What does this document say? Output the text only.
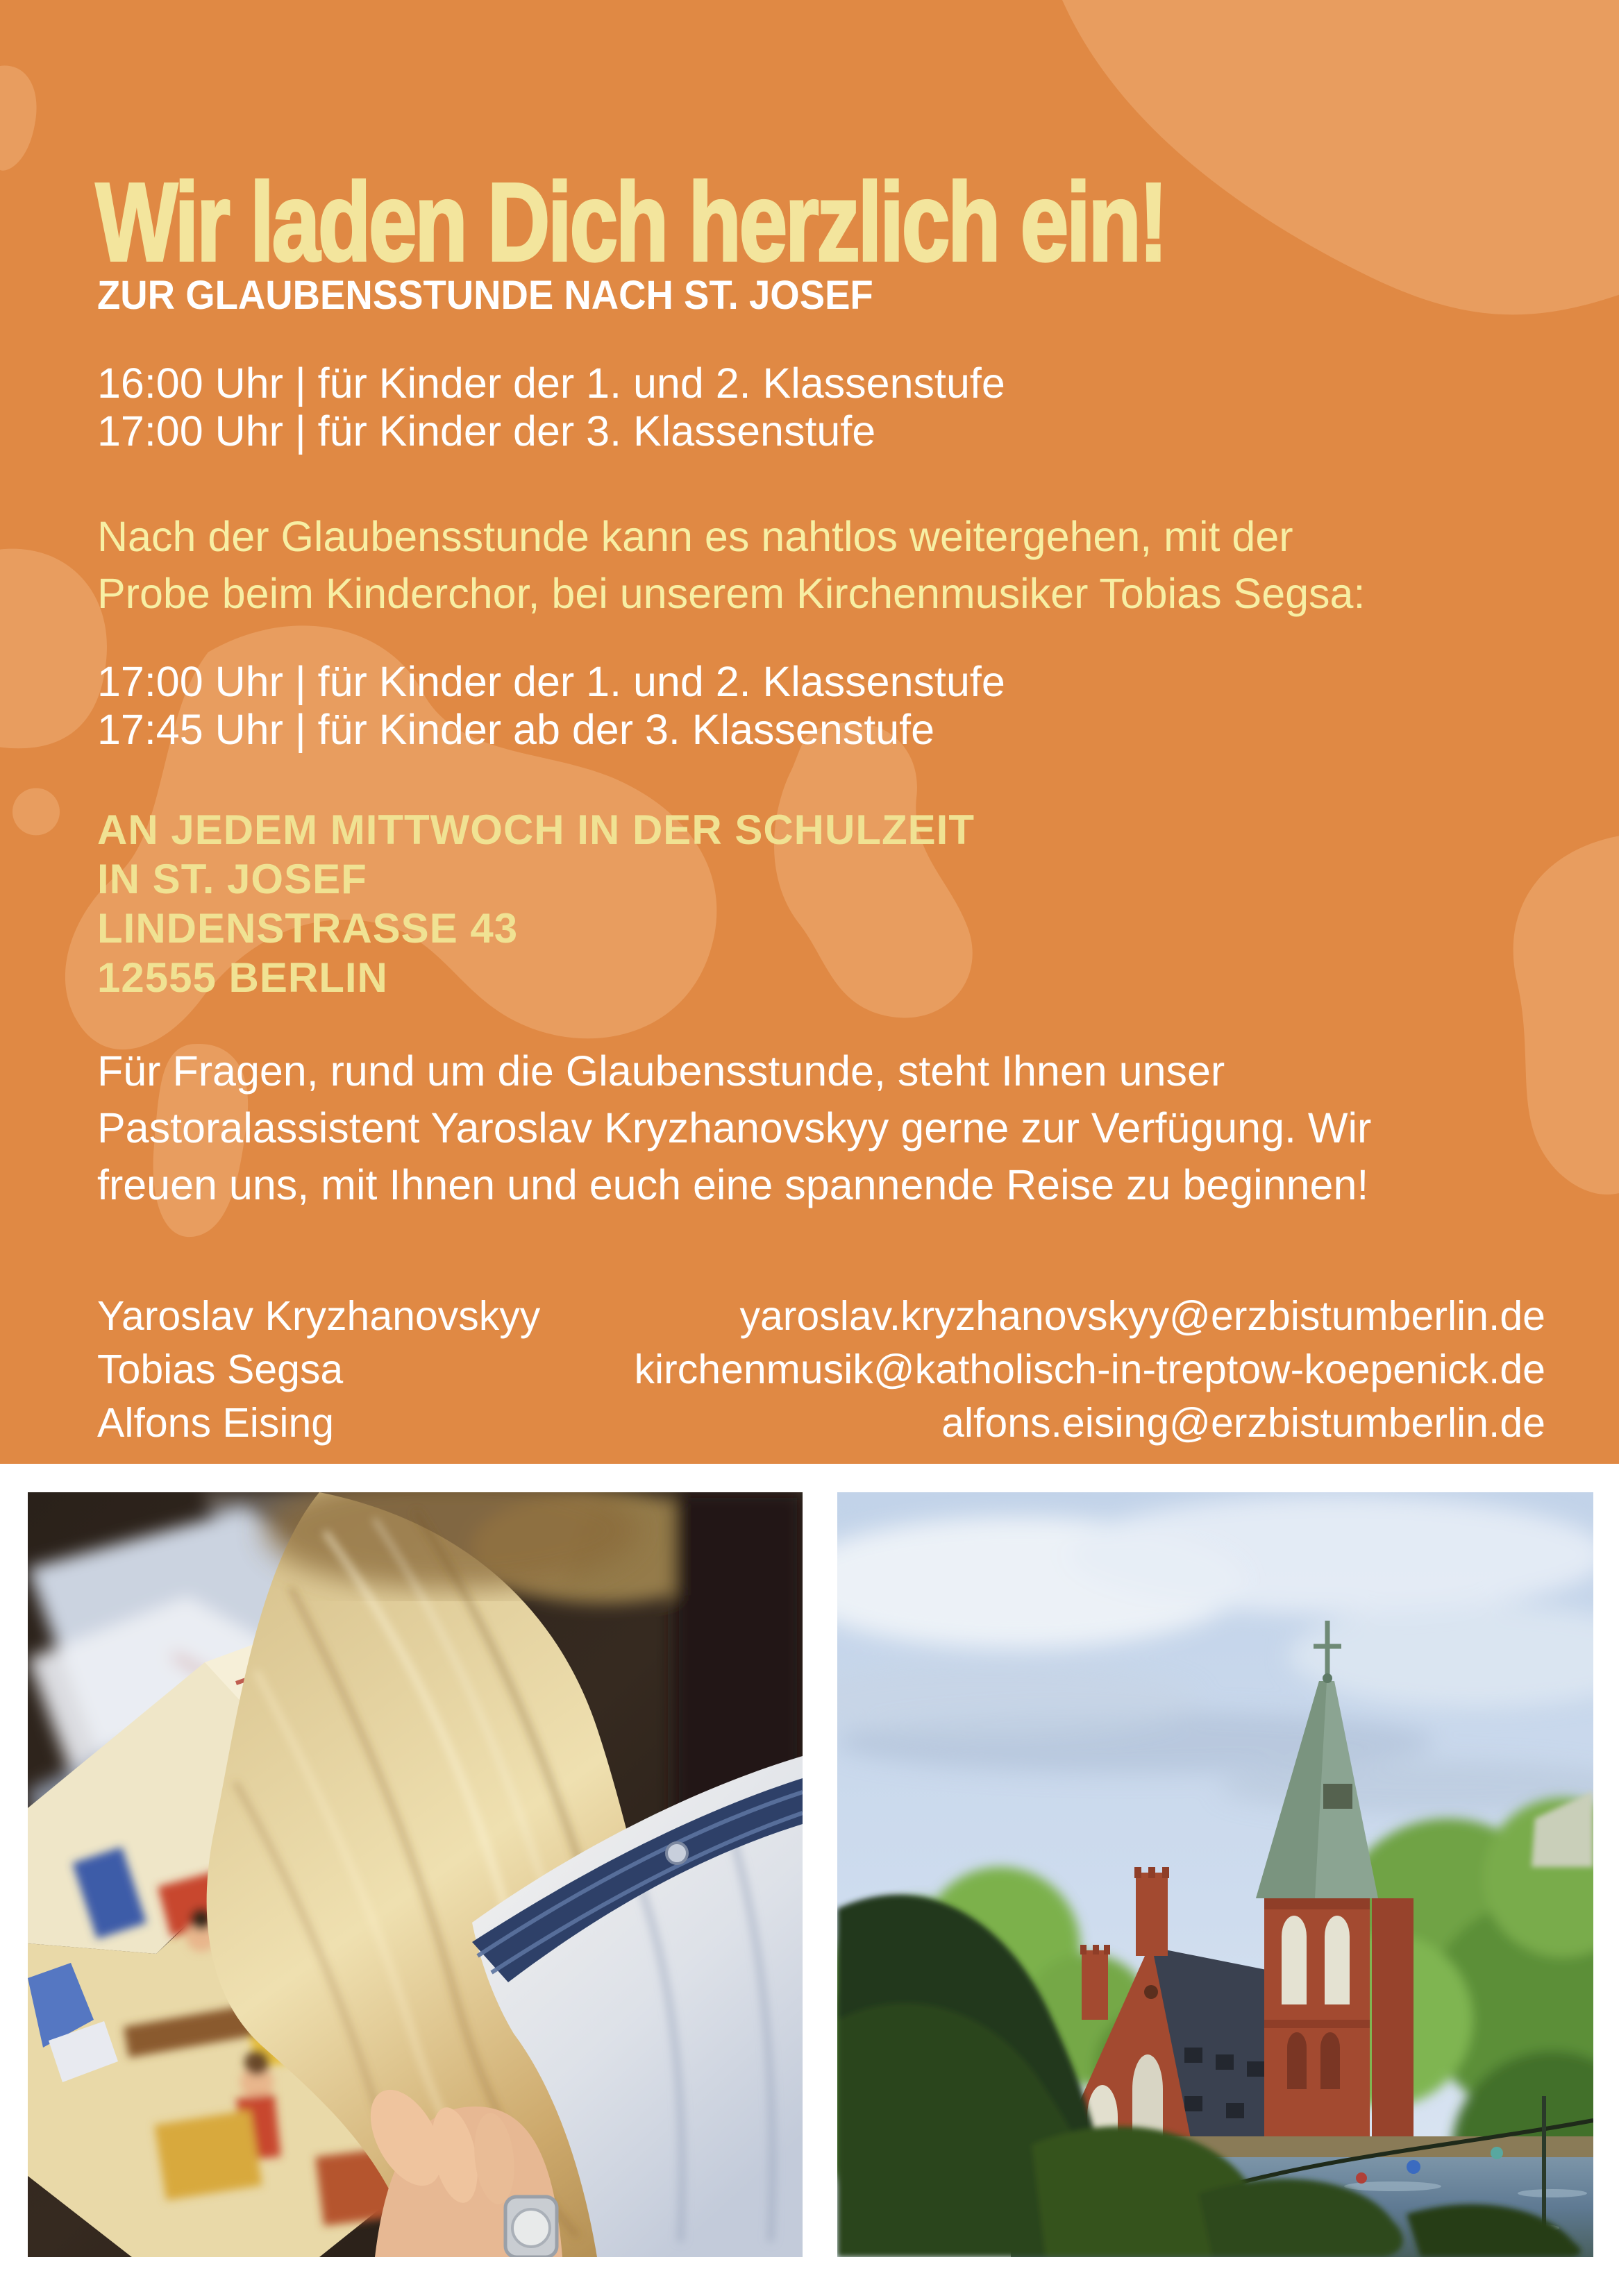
Wir laden Dich herzlich ein!
ZUR GLAUBENSSTUNDE NACH ST. JOSEF
16:00 Uhr | für Kinder der 1. und 2. Klassenstufe
17:00 Uhr | für Kinder der 3. Klassenstufe
Nach der Glaubensstunde kann es nahtlos weitergehen, mit der
Probe beim Kinderchor, bei unserem Kirchenmusiker Tobias Segsa:
17:00 Uhr | für Kinder der 1. und 2. Klassenstufe
17:45 Uhr | für Kinder ab der 3. Klassenstufe
AN JEDEM MITTWOCH IN DER SCHULZEIT
IN ST. JOSEF
LINDENSTRASSE 43
12555 BERLIN
Für Fragen, rund um die Glaubensstunde, steht Ihnen unser
Pastoralassistent Yaroslav Kryzhanovskyy gerne zur Verfügung. Wir
freuen uns, mit Ihnen und euch eine spannende Reise zu beginnen!
Yaroslav Kryzhanovskyy	yaroslav.kryzhanovskyy@erzbistumberlin.de
Tobias Segsa	kirchenmusik@katholisch-in-treptow-koepenick.de
Alfons Eising	alfons.eising@erzbistumberlin.de
